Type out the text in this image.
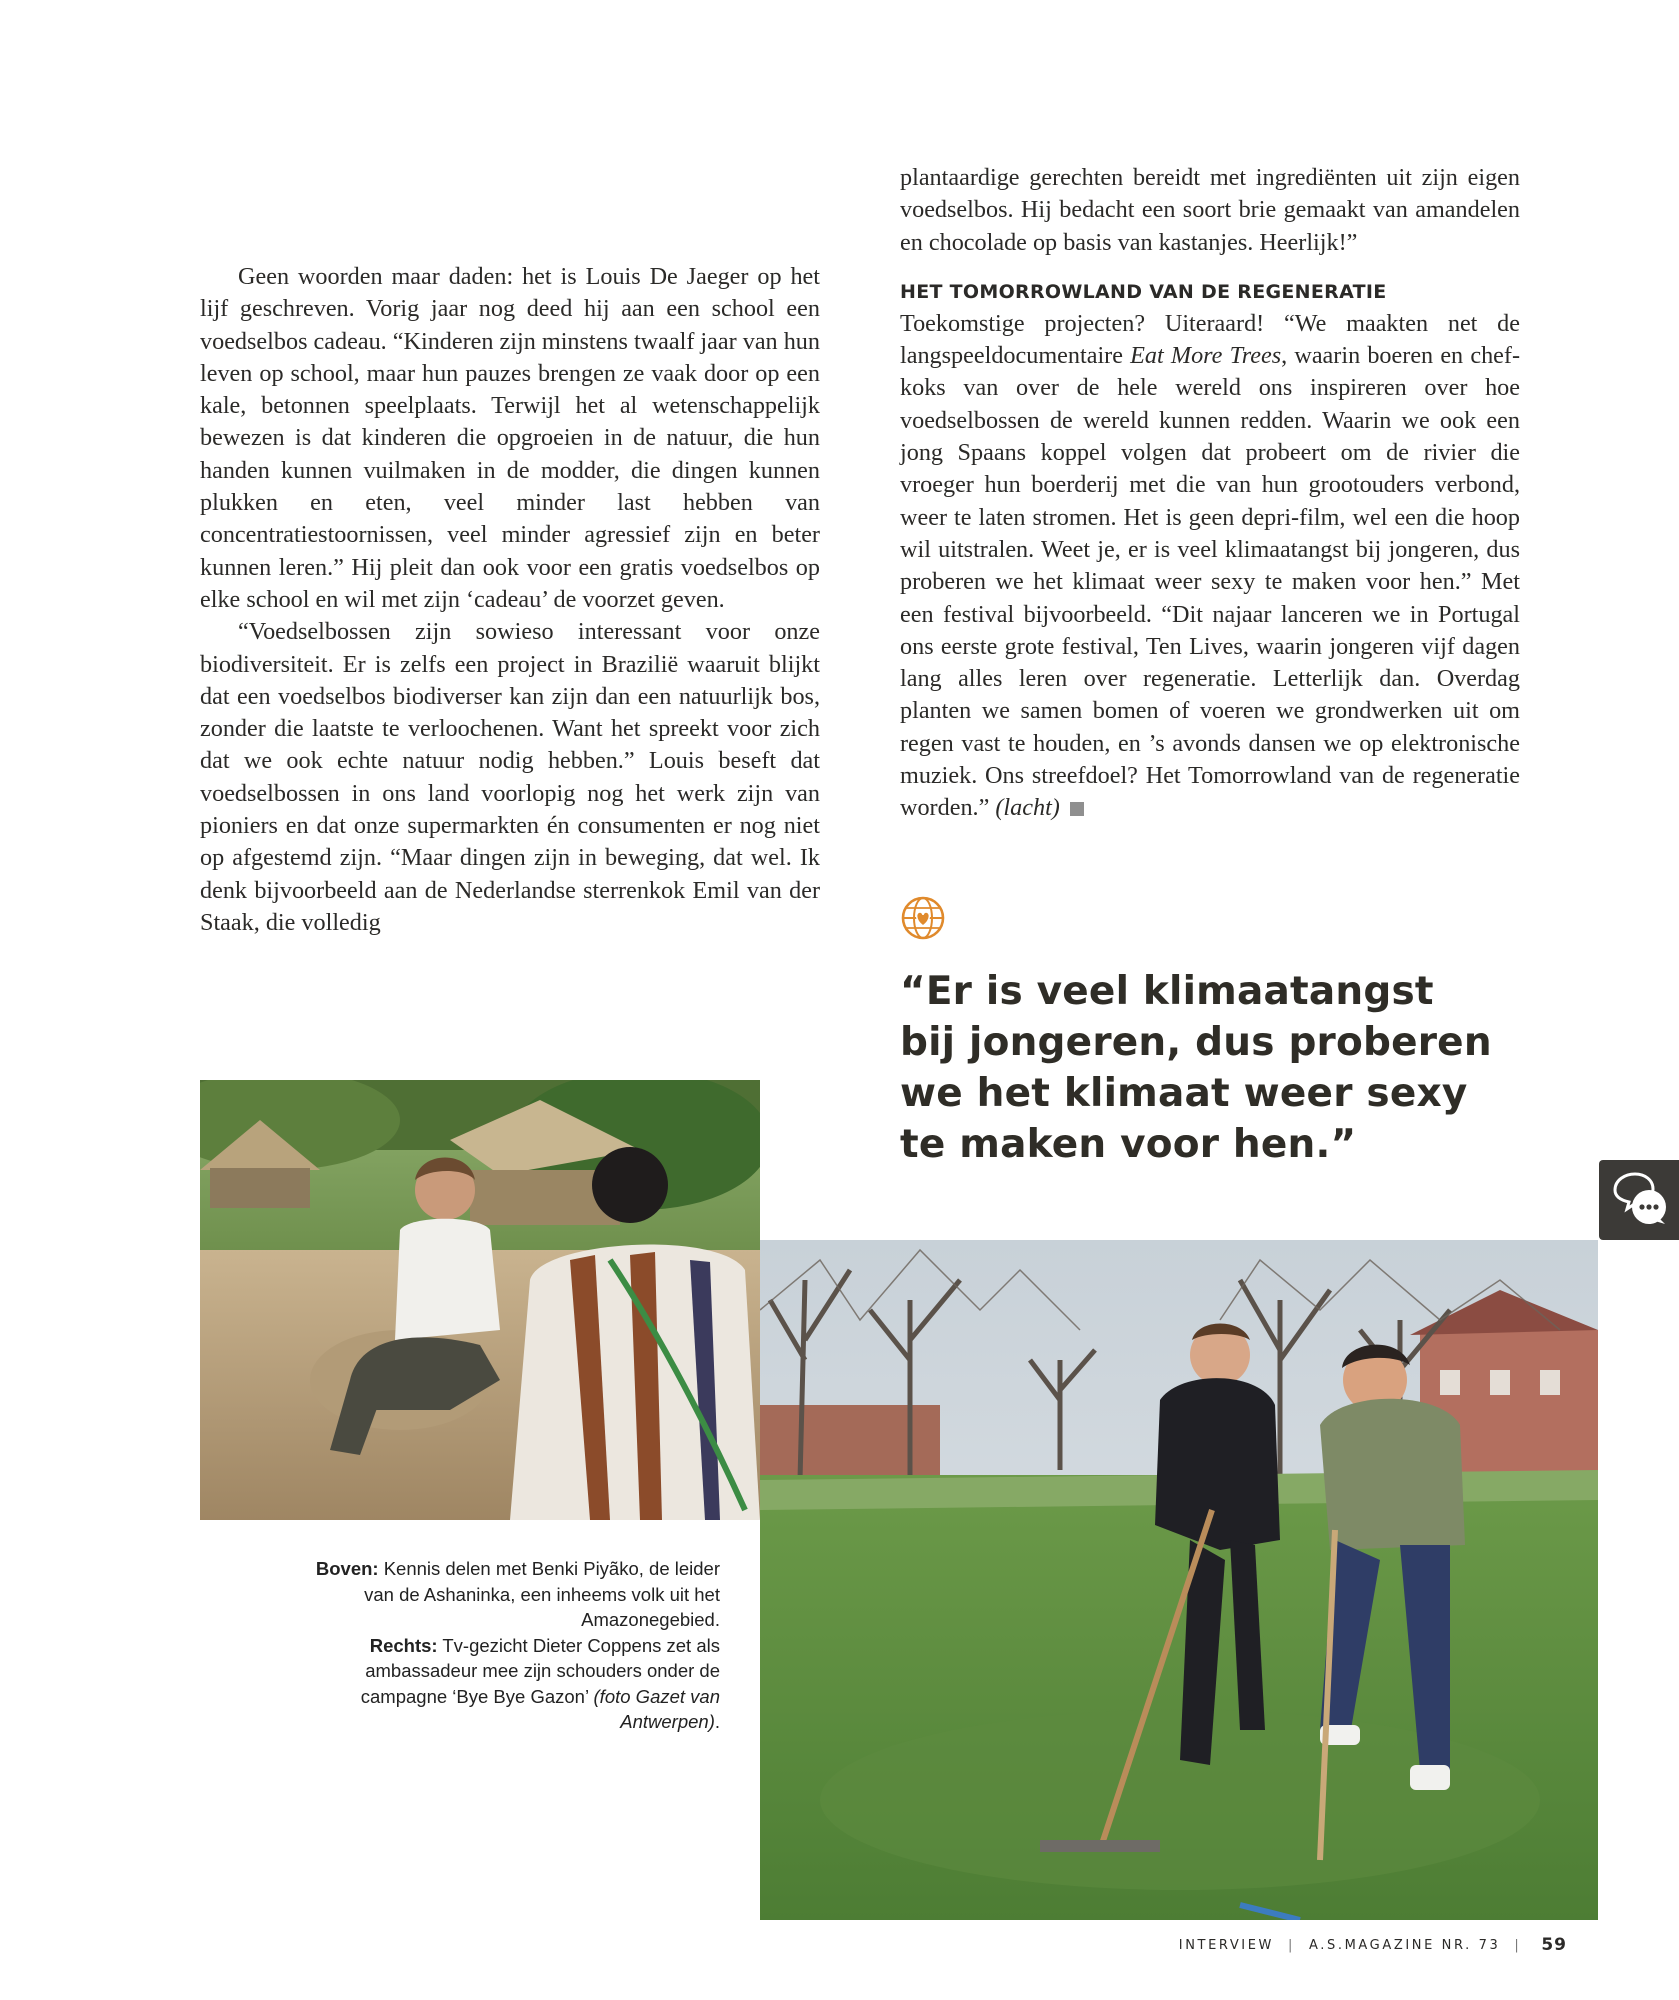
Geen woorden maar daden: het is Louis De Jaeger op het lijf geschreven. Vorig jaar nog deed hij aan een school een voedselbos cadeau. “Kinderen zijn minstens twaalf jaar van hun leven op school, maar hun pauzes brengen ze vaak door op een kale, betonnen speelplaats. Terwijl het al wetenschappelijk bewezen is dat kinderen die opgroeien in de natuur, die hun handen kunnen vuilmaken in de modder, die dingen kunnen plukken en eten, veel minder last hebben van concentratiestoornissen, veel minder agressief zijn en beter kunnen leren.” Hij pleit dan ook voor een gratis voedselbos op elke school en wil met zijn ‘cadeau’ de voorzet geven.

“Voedselbossen zijn sowieso interessant voor onze biodiversiteit. Er is zelfs een project in Brazilië waaruit blijkt dat een voedselbos biodiverser kan zijn dan een natuurlijk bos, zonder die laatste te verloochenen. Want het spreekt voor zich dat we ook echte natuur nodig hebben.” Louis beseft dat voedselbossen in ons land voorlopig nog het werk zijn van pioniers en dat onze supermarkten én consumenten er nog niet op afgestemd zijn. “Maar dingen zijn in beweging, dat wel. Ik denk bijvoorbeeld aan de Nederlandse sterrenkok Emil van der Staak, die volledig

plantaardige gerechten bereidt met ingrediënten uit zijn eigen voedselbos. Hij bedacht een soort brie gemaakt van amandelen en chocolade op basis van kastanjes. Heerlijk!”

HET TOMORROWLAND VAN DE REGENERATIE

Toekomstige projecten? Uiteraard! “We maakten net de langspeeldocumentaire Eat More Trees, waarin boeren en chef-koks van over de hele wereld ons inspireren over hoe voedselbossen de wereld kunnen redden. Waarin we ook een jong Spaans koppel volgen dat probeert om de rivier die vroeger hun boerderij met die van hun grootouders verbond, weer te laten stromen. Het is geen depri-film, wel een die hoop wil uitstralen. Weet je, er is veel klimaatangst bij jongeren, dus proberen we het klimaat weer sexy te maken voor hen.” Met een festival bijvoorbeeld. “Dit najaar lanceren we in Portugal ons eerste grote festival, Ten Lives, waarin jongeren vijf dagen lang alles leren over regeneratie. Letterlijk dan. Overdag planten we samen bomen of voeren we grondwerken uit om regen vast te houden, en ’s avonds dansen we op elektronische muziek. Ons streefdoel? Het Tomorrowland van de regeneratie worden.” (lacht)

“Er is veel klimaatangst
bij jongeren, dus proberen
we het klimaat weer sexy
te maken voor hen.”
Boven: Kennis delen met Benki Piyãko, de leider van de Ashaninka, een inheems volk uit het Amazonegebied.
Rechts: Tv-gezicht Dieter Coppens zet als ambassadeur mee zijn schouders onder de campagne ‘Bye Bye Gazon’ (foto Gazet van Antwerpen).
INTERVIEW | A.S.MAGAZINE NR. 73 | 59
